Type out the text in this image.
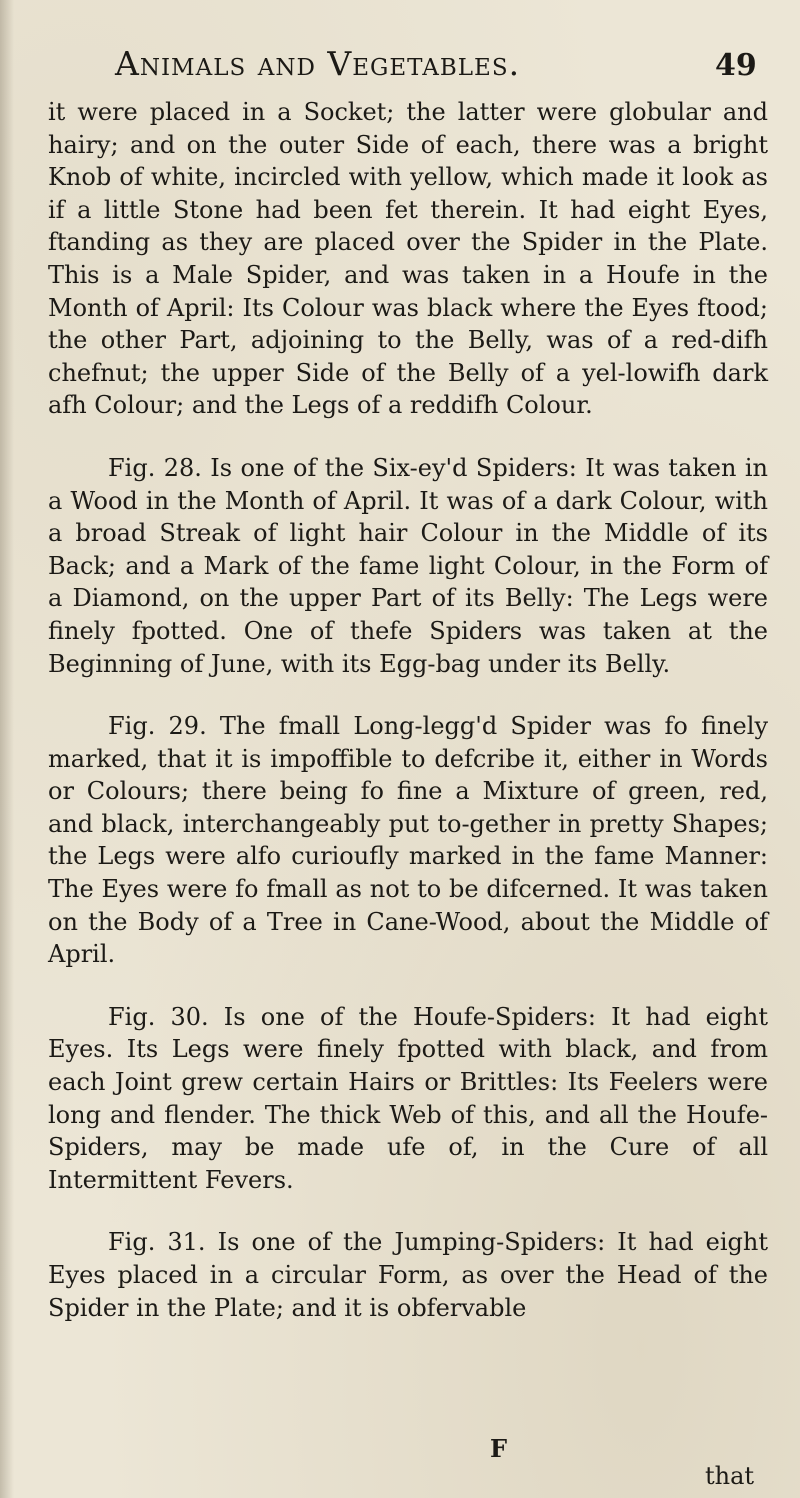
Animals and Vegetables.	49

it were placed in a Socket; the latter were globular and hairy; and on the outer Side of each, there was a bright Knob of white, incircled with yellow, which made it look as if a little Stone had been fet therein. It had eight Eyes, ftanding as they are placed over the Spider in the Plate. This is a Male Spider, and was taken in a Houfe in the Month of April: Its Colour was black where the Eyes ftood; the other Part, adjoining to the Belly, was of a red-difh chefnut; the upper Side of the Belly of a yel-lowifh dark afh Colour; and the Legs of a reddifh Colour.

Fig. 28. Is one of the Six-ey'd Spiders: It was taken in a Wood in the Month of April. It was of a dark Colour, with a broad Streak of light hair Colour in the Middle of its Back; and a Mark of the fame light Colour, in the Form of a Diamond, on the upper Part of its Belly: The Legs were finely fpotted. One of thefe Spiders was taken at the Beginning of June, with its Egg-bag under its Belly.

Fig. 29. The fmall Long-legg'd Spider was fo finely marked, that it is impoffible to defcribe it, either in Words or Colours; there being fo fine a Mixture of green, red, and black, interchangeably put to-gether in pretty Shapes; the Legs were alfo curioufly marked in the fame Manner: The Eyes were fo fmall as not to be difcerned. It was taken on the Body of a Tree in Cane-Wood, about the Middle of April.

Fig. 30. Is one of the Houfe-Spiders: It had eight Eyes. Its Legs were finely fpotted with black, and from each Joint grew certain Hairs or Brittles: Its Feelers were long and flender. The thick Web of this, and all the Houfe-Spiders, may be made ufe of, in the Cure of all Intermittent Fevers.

Fig. 31. Is one of the Jumping-Spiders: It had eight Eyes placed in a circular Form, as over the Head of the Spider in the Plate; and it is obfervable

F
that
